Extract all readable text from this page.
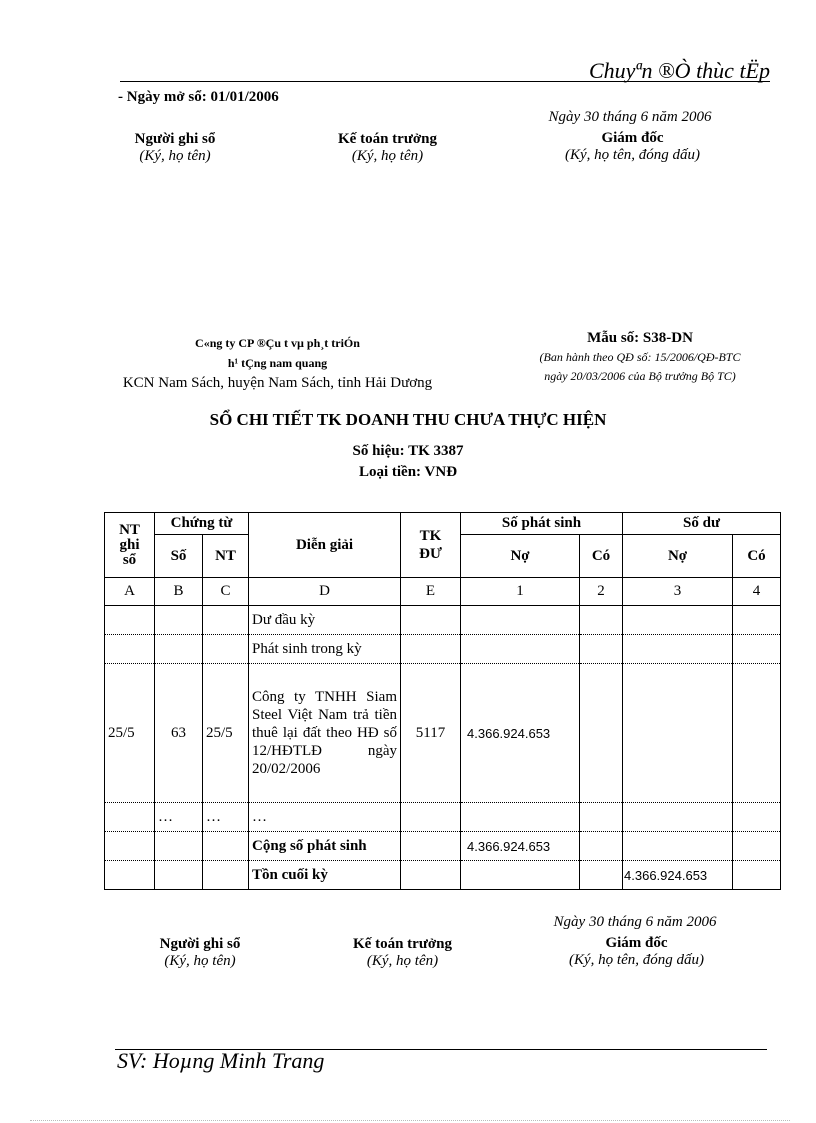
Chuyªn ®Ò thùc tËp
- Ngày mở sổ: 01/01/2006
Ngày 30 tháng 6 năm 2006
Người ghi sổ
(Ký, họ tên)
Kế toán trưởng
(Ký, họ tên)
Giám đốc
(Ký, họ tên, đóng dấu)
C«ng ty CP ®Çu t vµ ph¸t triÓn
h¹ tÇng nam quang
KCN Nam Sách, huyện Nam Sách, tỉnh Hải Dương
Mẫu số: S38-DN
(Ban hành theo QĐ số: 15/2006/QĐ-BTC
ngày 20/03/2006 của Bộ trưởng Bộ TC)
SỔ CHI TIẾT TK DOANH THU CHƯA THỰC HIỆN
Số hiệu: TK 3387
Loại tiền: VNĐ
NT ghi sổ	Chứng từ		Diễn giải	TK ĐƯ	Số phát sinh		Số dư	
	Số	NT			Nợ	Có	Nợ	Có
A	B	C	D	E	1	2	3	4
			Dư đầu kỳ					
			Phát sinh trong kỳ					
25/5	63	25/5	Công ty TNHH Siam Steel Việt Nam trả tiền thuê lại đất theo HĐ số 12/HĐTLĐ ngày 20/02/2006	5117	4.366.924.653			
	…	…	…					
			Cộng số phát sinh		4.366.924.653			
			Tồn cuối kỳ				4.366.924.653	
Ngày 30 tháng 6 năm 2006
Người ghi sổ
(Ký, họ tên)
Kế toán trưởng
(Ký, họ tên)
Giám đốc
(Ký, họ tên, đóng dấu)
SV: Hoµng Minh Trang
